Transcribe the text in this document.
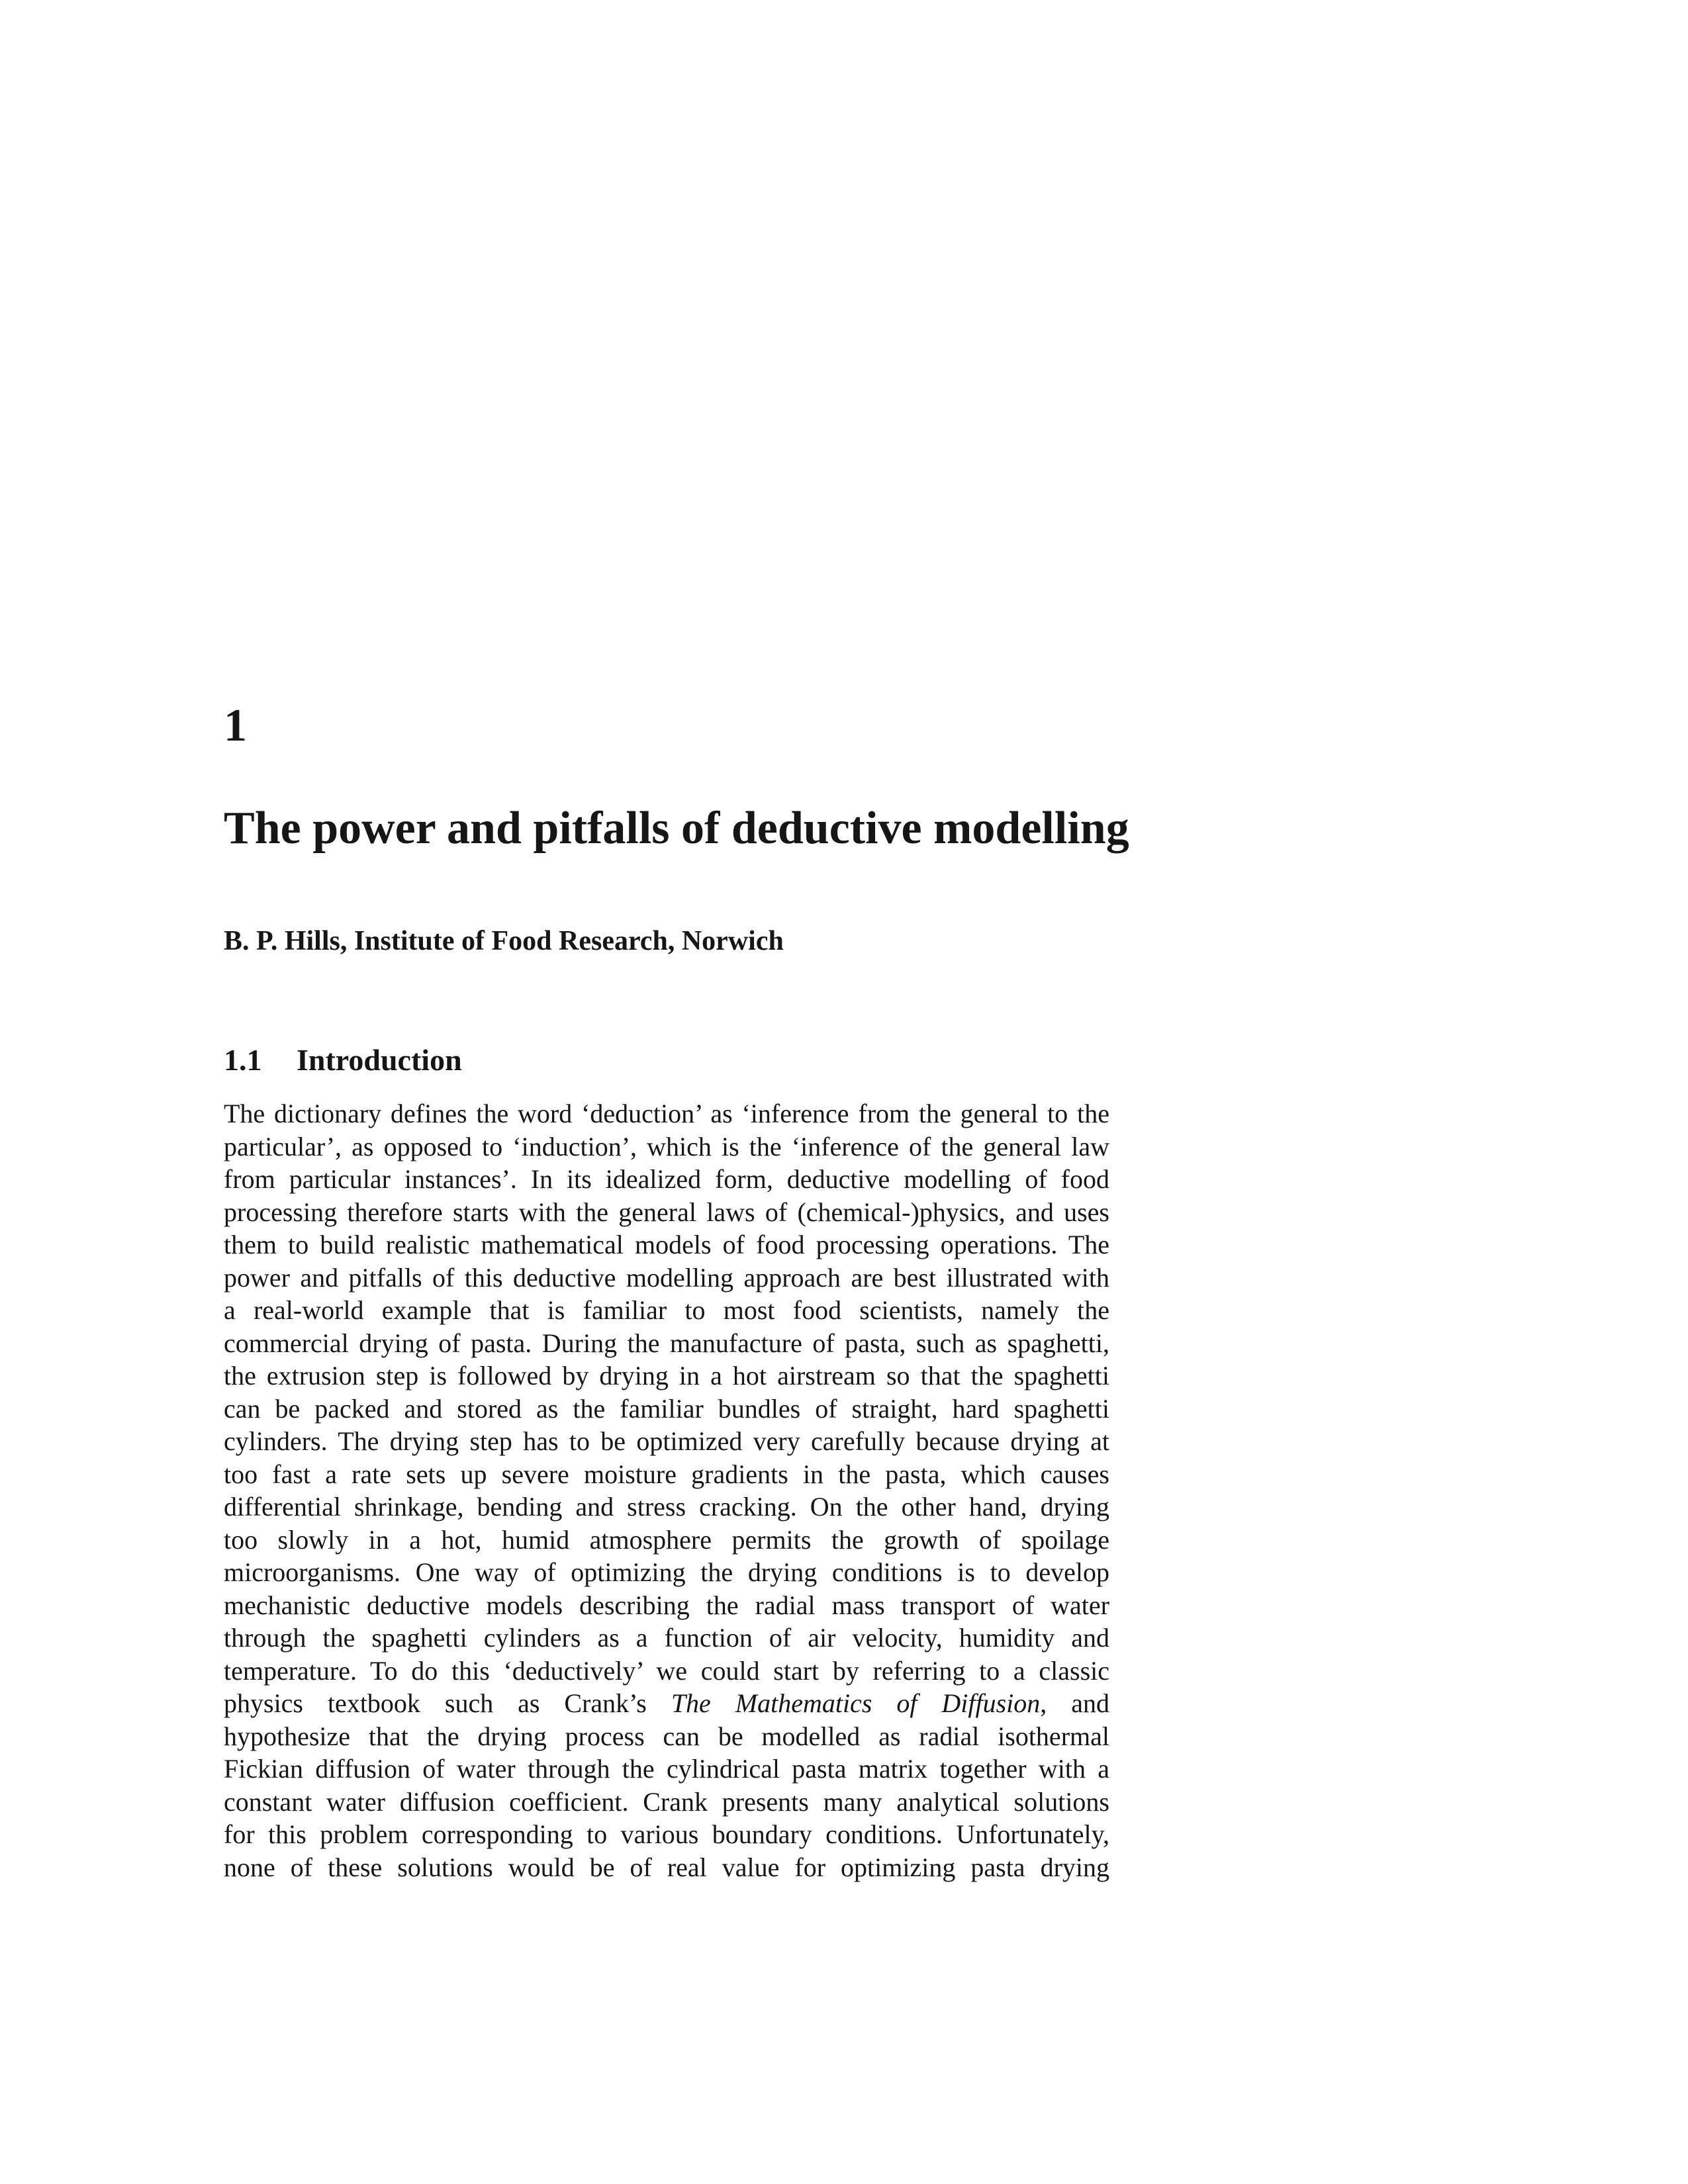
1
The power and pitfalls of deductive modelling
B. P. Hills, Institute of Food Research, Norwich
1.1 Introduction
The dictionary defines the word ‘deduction’ as ‘inference from the general to the
particular’, as opposed to ‘induction’, which is the ‘inference of the general law
from particular instances’. In its idealized form, deductive modelling of food
processing therefore starts with the general laws of (chemical-)physics, and uses
them to build realistic mathematical models of food processing operations. The
power and pitfalls of this deductive modelling approach are best illustrated with
a real-world example that is familiar to most food scientists, namely the
commercial drying of pasta. During the manufacture of pasta, such as spaghetti,
the extrusion step is followed by drying in a hot airstream so that the spaghetti
can be packed and stored as the familiar bundles of straight, hard spaghetti
cylinders. The drying step has to be optimized very carefully because drying at
too fast a rate sets up severe moisture gradients in the pasta, which causes
differential shrinkage, bending and stress cracking. On the other hand, drying
too slowly in a hot, humid atmosphere permits the growth of spoilage
microorganisms. One way of optimizing the drying conditions is to develop
mechanistic deductive models describing the radial mass transport of water
through the spaghetti cylinders as a function of air velocity, humidity and
temperature. To do this ‘deductively’ we could start by referring to a classic
physics textbook such as Crank’s The Mathematics of Diffusion, and
hypothesize that the drying process can be modelled as radial isothermal
Fickian diffusion of water through the cylindrical pasta matrix together with a
constant water diffusion coefficient. Crank presents many analytical solutions
for this problem corresponding to various boundary conditions. Unfortunately,
none of these solutions would be of real value for optimizing pasta drying
